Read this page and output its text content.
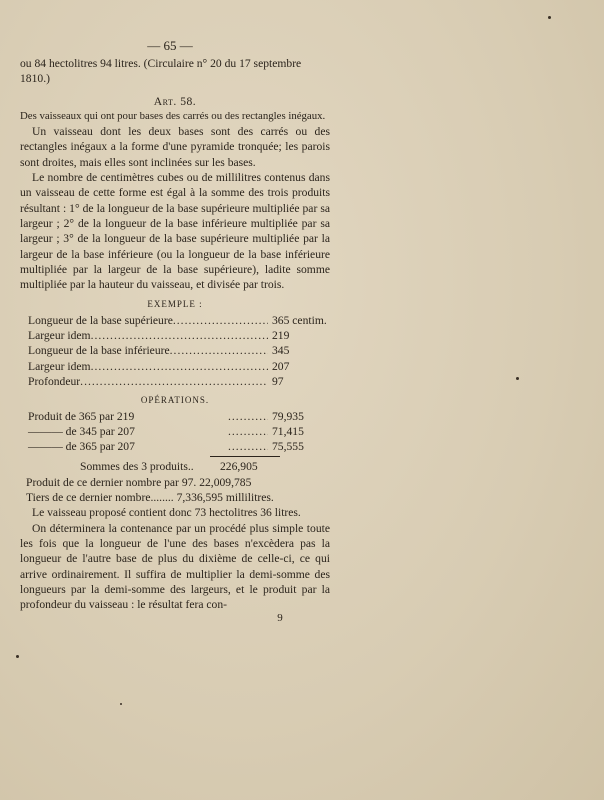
— 65 —

ou 84 hectolitres 94 litres. (Circulaire n° 20 du 17 septembre

1810.)

Art. 58.

Des vaisseaux qui ont pour bases des carrés ou des rectangles inégaux.

Un vaisseau dont les deux bases sont des carrés ou des rectangles inégaux a la forme d'une pyramide tronquée; les parois sont droites, mais elles sont inclinées sur les bases.

Le nombre de centimètres cubes ou de millilitres contenus dans un vaisseau de cette forme est égal à la somme des trois produits résultant : 1° de la longueur de la base supérieure multipliée par sa largeur ; 2° de la longueur de la base inférieure multipliée par sa largeur ; 3° de la longueur de la base supérieure multipliée par la largeur de la base inférieure (ou la longueur de la base inférieure multipliée par la largeur de la base supérieure), ladite somme multipliée par la hauteur du vaisseau, et divisée par trois.

EXEMPLE :
Longueur de la base supérieure .....	365 centim.
Largeur idem .....	219
Longueur de la base inférieure .....	345
Largeur idem .....	207
Profondeur .....	97
OPÉRATIONS.
Produit de 365 par 219 .....	79,935
——— de 345 par 207 .....	71,415
——— de 365 par 207 .....	75,555
Sommes des 3 produits..	226,905

Produit de ce dernier nombre par 97. 22,009,785

Tiers de ce dernier nombre........ 7,336,595 millilitres.

Le vaisseau proposé contient donc 73 hectolitres 36 litres.

On déterminera la contenance par un procédé plus simple toute les fois que la longueur de l'une des bases n'excèdera pas la longueur de l'autre base de plus du dixième de celle-ci, ce qui arrive ordinairement. Il suffira de multiplier la demi-somme des longueurs par la demi-somme des largeurs, et le produit par la profondeur du vaisseau : le résultat fera con-

9
